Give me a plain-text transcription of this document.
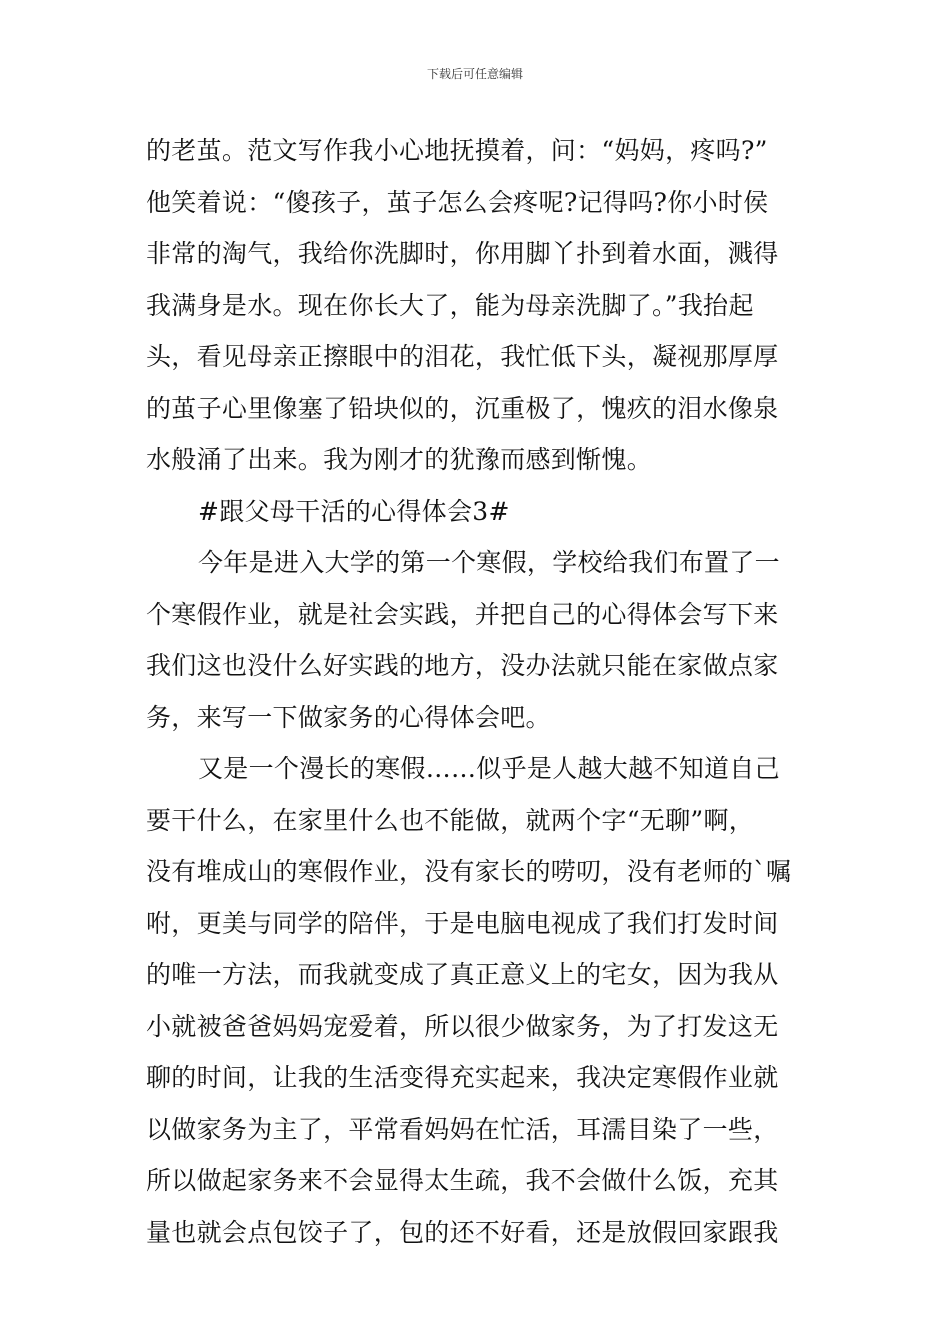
下载后可任意编辑
的老茧。范文写作我小心地抚摸着，问：“妈妈，疼吗?”
他笑着说：“傻孩子，茧子怎么会疼呢?记得吗?你小时侯
非常的淘气，我给你洗脚时，你用脚丫扑到着水面，溅得
我满身是水。现在你长大了，能为母亲洗脚了。”我抬起
头，看见母亲正擦眼中的泪花，我忙低下头，凝视那厚厚
的茧子心里像塞了铅块似的，沉重极了，愧疚的泪水像泉
水般涌了出来。我为刚才的犹豫而感到惭愧。
#跟父母干活的心得体会3#
今年是进入大学的第一个寒假，学校给我们布置了一
个寒假作业，就是社会实践，并把自己的心得体会写下来
我们这也没什么好实践的地方，没办法就只能在家做点家
务，来写一下做家务的心得体会吧。
又是一个漫长的寒假……似乎是人越大越不知道自己
要干什么，在家里什么也不能做，就两个字“无聊”啊，
没有堆成山的寒假作业，没有家长的唠叨，没有老师的`嘱
咐，更美与同学的陪伴，于是电脑电视成了我们打发时间
的唯一方法，而我就变成了真正意义上的宅女，因为我从
小就被爸爸妈妈宠爱着，所以很少做家务，为了打发这无
聊的时间，让我的生活变得充实起来，我决定寒假作业就
以做家务为主了，平常看妈妈在忙活，耳濡目染了一些，
所以做起家务来不会显得太生疏，我不会做什么饭，充其
量也就会点包饺子了，包的还不好看，还是放假回家跟我
